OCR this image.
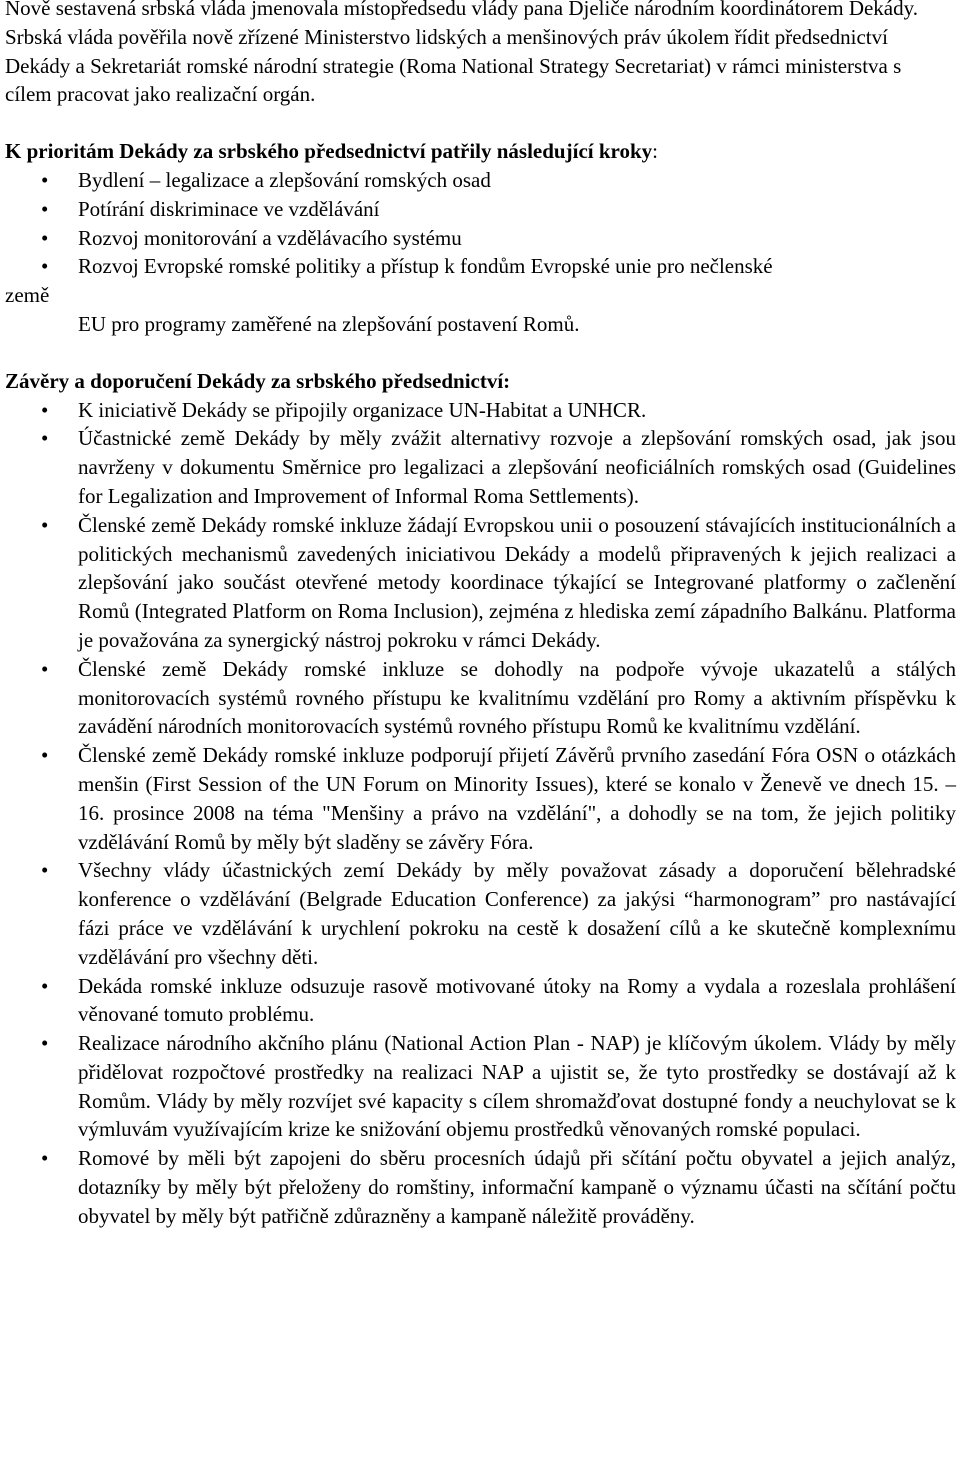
Nově sestavená srbská vláda jmenovala místopředsedu vlády pana Djeliče národním koordinátorem Dekády. Srbská vláda pověřila nově zřízené Ministerstvo lidských a menšinových práv úkolem řídit předsednictví Dekády a Sekretariát romské národní strategie (Roma National Strategy Secretariat) v rámci ministerstva s cílem pracovat jako realizační orgán.

K prioritám Dekády za srbského předsednictví patřily následující kroky:

• Bydlení – legalizace a zlepšování romských osad
• Potírání diskriminace ve vzdělávání
• Rozvoj monitorování a vzdělávacího systému
• Rozvoj Evropské romské politiky a přístup k fondům Evropské unie pro nečlenské
země
EU pro programy zaměřené na zlepšování postavení Romů.

Závěry a doporučení Dekády za srbského předsednictví:

• K iniciativě Dekády se připojily organizace UN-Habitat a UNHCR.
• Účastnické země Dekády by měly zvážit alternativy rozvoje a zlepšování romských osad, jak jsou navrženy v dokumentu Směrnice pro legalizaci a zlepšování neoficiálních romských osad (Guidelines for Legalization and Improvement of Informal Roma Settlements).
• Členské země Dekády romské inkluze žádají Evropskou unii o posouzení stávajících institucionálních a politických mechanismů zavedených iniciativou Dekády a modelů připravených k jejich realizaci a zlepšování jako součást otevřené metody koordinace týkající se Integrované platformy o začlenění Romů (Integrated Platform on Roma Inclusion), zejména z hlediska zemí západního Balkánu. Platforma je považována za synergický nástroj pokroku v rámci Dekády.
• Členské země Dekády romské inkluze se dohodly na podpoře vývoje ukazatelů a stálých monitorovacích systémů rovného přístupu ke kvalitnímu vzdělání pro Romy a aktivním příspěvku k zavádění národních monitorovacích systémů rovného přístupu Romů ke kvalitnímu vzdělání.
• Členské země Dekády romské inkluze podporují přijetí Závěrů prvního zasedání Fóra OSN o otázkách menšin (First Session of the UN Forum on Minority Issues), které se konalo v Ženevě ve dnech 15. – 16. prosince 2008 na téma "Menšiny a právo na vzdělání", a dohodly se na tom, že jejich politiky vzdělávání Romů by měly být sladěny se závěry Fóra.
• Všechny vlády účastnických zemí Dekády by měly považovat zásady a doporučení bělehradské konference o vzdělávání (Belgrade Education Conference) za jakýsi “harmonogram” pro nastávající fázi práce ve vzdělávání k urychlení pokroku na cestě k dosažení cílů a ke skutečně komplexnímu vzdělávání pro všechny děti.
• Dekáda romské inkluze odsuzuje rasově motivované útoky na Romy a vydala a rozeslala prohlášení věnované tomuto problému.
• Realizace národního akčního plánu (National Action Plan - NAP) je klíčovým úkolem. Vlády by měly přidělovat rozpočtové prostředky na realizaci NAP a ujistit se, že tyto prostředky se dostávají až k Romům. Vlády by měly rozvíjet své kapacity s cílem shromažďovat dostupné fondy a neuchylovat se k výmluvám využívajícím krize ke snižování objemu prostředků věnovaných romské populaci.
• Romové by měli být zapojeni do sběru procesních údajů při sčítání počtu obyvatel a jejich analýz, dotazníky by měly být přeloženy do romštiny, informační kampaně o významu účasti na sčítání počtu obyvatel by měly být patřičně zdůrazněny a kampaně náležitě prováděny.
